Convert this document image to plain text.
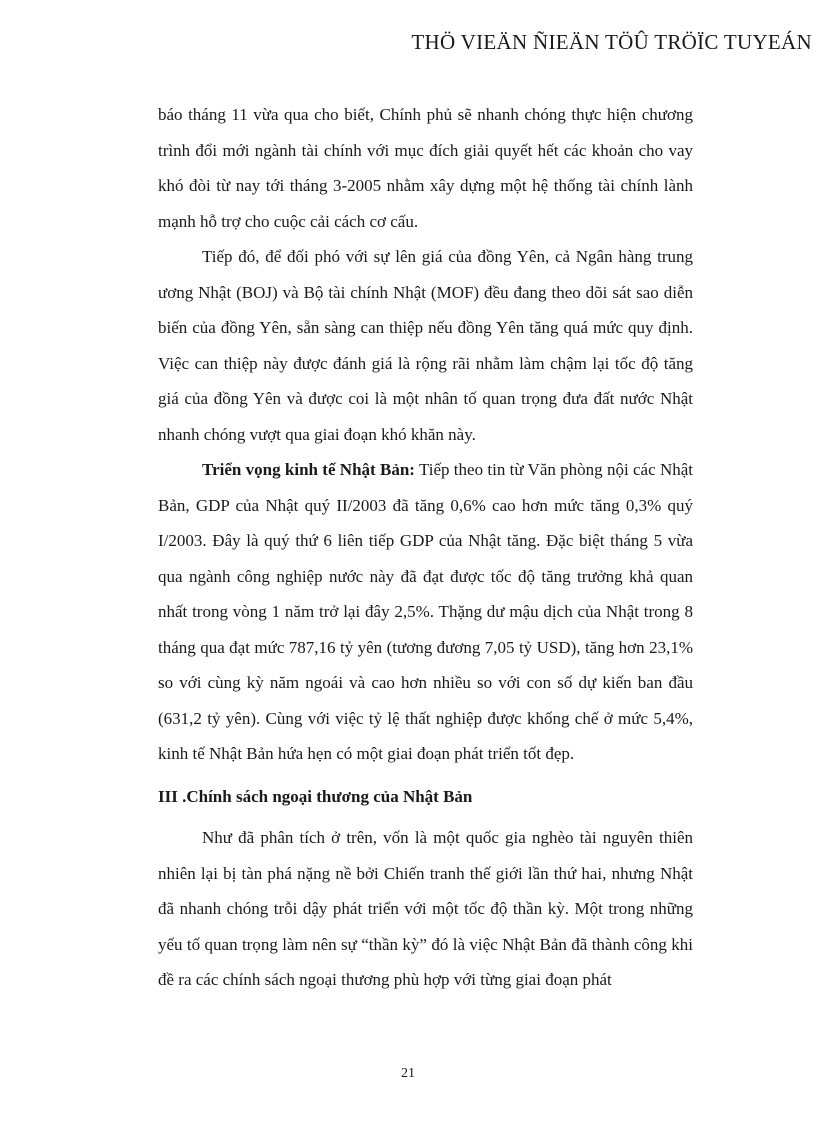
THÖ VIEÄN ÑIEÄN TÖÛ TRÖÏC TUYEÁN

báo tháng 11 vừa qua cho biết, Chính phủ sẽ nhanh chóng thực hiện chương trình đổi mới ngành tài chính với mục đích giải quyết hết các khoản cho vay khó đòi từ nay tới tháng 3-2005 nhằm xây dựng một hệ thống tài chính lành mạnh hỗ trợ cho cuộc cải cách cơ cấu.

Tiếp đó, để đối phó với sự lên giá của đồng Yên, cả Ngân hàng trung ương Nhật (BOJ) và Bộ tài chính Nhật (MOF) đều đang theo dõi sát sao diễn biến của đồng Yên, sẵn sàng can thiệp nếu đồng Yên tăng quá mức quy định. Việc can thiệp này được đánh giá là rộng rãi nhằm làm chậm lại tốc độ tăng giá của đồng Yên và được coi là một nhân tố quan trọng đưa đất nước Nhật nhanh chóng vượt qua giai đoạn khó khăn này.

Triển vọng kinh tế Nhật Bản: Tiếp theo tin từ Văn phòng nội các Nhật Bản, GDP của Nhật quý II/2003 đã tăng 0,6% cao hơn mức tăng 0,3% quý I/2003. Đây là quý thứ 6 liên tiếp GDP của Nhật tăng. Đặc biệt tháng 5 vừa qua ngành công nghiệp nước này đã đạt được tốc độ tăng trưởng khả quan nhất trong vòng 1 năm trở lại đây 2,5%. Thặng dư mậu dịch của Nhật trong 8 tháng qua đạt mức 787,16 tỷ yên (tương đương 7,05 tỷ USD), tăng hơn 23,1% so với cùng kỳ năm ngoái và cao hơn nhiều so với con số dự kiến ban đầu (631,2 tỷ yên). Cùng với việc tỷ lệ thất nghiệp được khống chế ở mức 5,4%, kinh tế Nhật Bản hứa hẹn có một giai đoạn phát triển tốt đẹp.

III .Chính sách ngoại thương của Nhật Bản

Như đã phân tích ở trên, vốn là một quốc gia nghèo tài nguyên thiên nhiên lại bị tàn phá nặng nề bởi Chiến tranh thế giới lần thứ hai, nhưng Nhật đã nhanh chóng trỗi dậy phát triển với một tốc độ thần kỳ. Một trong những yếu tố quan trọng làm nên sự “thần kỳ” đó là việc Nhật Bản đã thành công khi đề ra các chính sách ngoại thương phù hợp với từng giai đoạn phát

21
